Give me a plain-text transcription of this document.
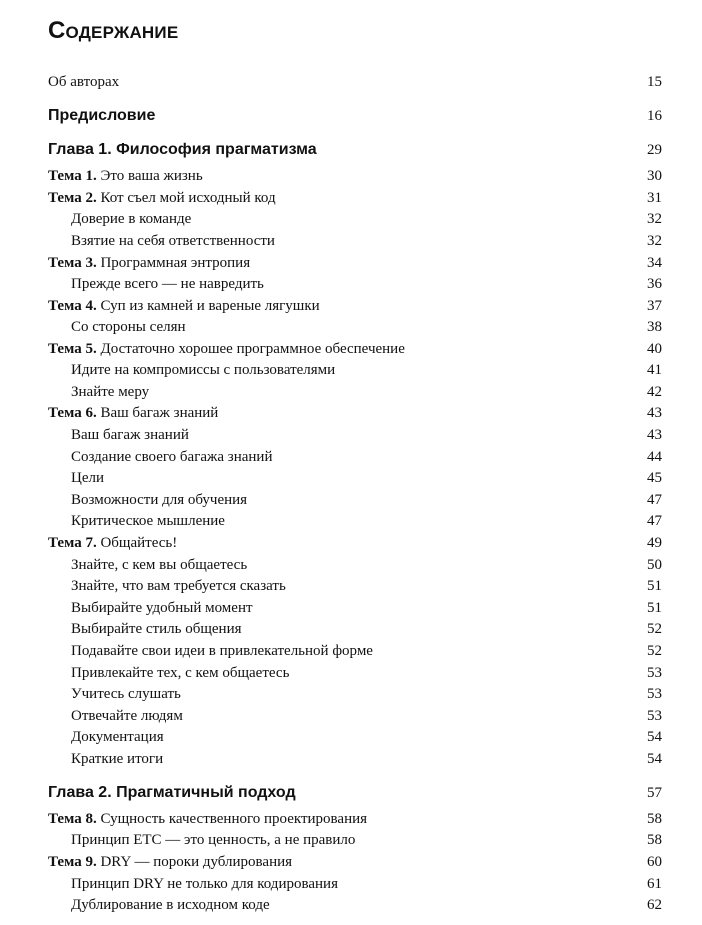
Содержание
Об авторах	15
Предисловие	16
Глава 1. Философия прагматизма	29
Тема 1. Это ваша жизнь	30
Тема 2. Кот съел мой исходный код	31
Доверие в команде	32
Взятие на себя ответственности	32
Тема 3. Программная энтропия	34
Прежде всего — не навредить	36
Тема 4. Суп из камней и вареные лягушки	37
Со стороны селян	38
Тема 5. Достаточно хорошее программное обеспечение	40
Идите на компромиссы с пользователями	41
Знайте меру	42
Тема 6. Ваш багаж знаний	43
Ваш багаж знаний	43
Создание своего багажа знаний	44
Цели	45
Возможности для обучения	47
Критическое мышление	47
Тема 7. Общайтесь!	49
Знайте, с кем вы общаетесь	50
Знайте, что вам требуется сказать	51
Выбирайте удобный момент	51
Выбирайте стиль общения	52
Подавайте свои идеи в привлекательной форме	52
Привлекайте тех, с кем общаетесь	53
Учитесь слушать	53
Отвечайте людям	53
Документация	54
Краткие итоги	54
Глава 2. Прагматичный подход	57
Тема 8. Сущность качественного проектирования	58
Принцип ETC — это ценность, а не правило	58
Тема 9. DRY — пороки дублирования	60
Принцип DRY не только для кодирования	61
Дублирование в исходном коде	62
